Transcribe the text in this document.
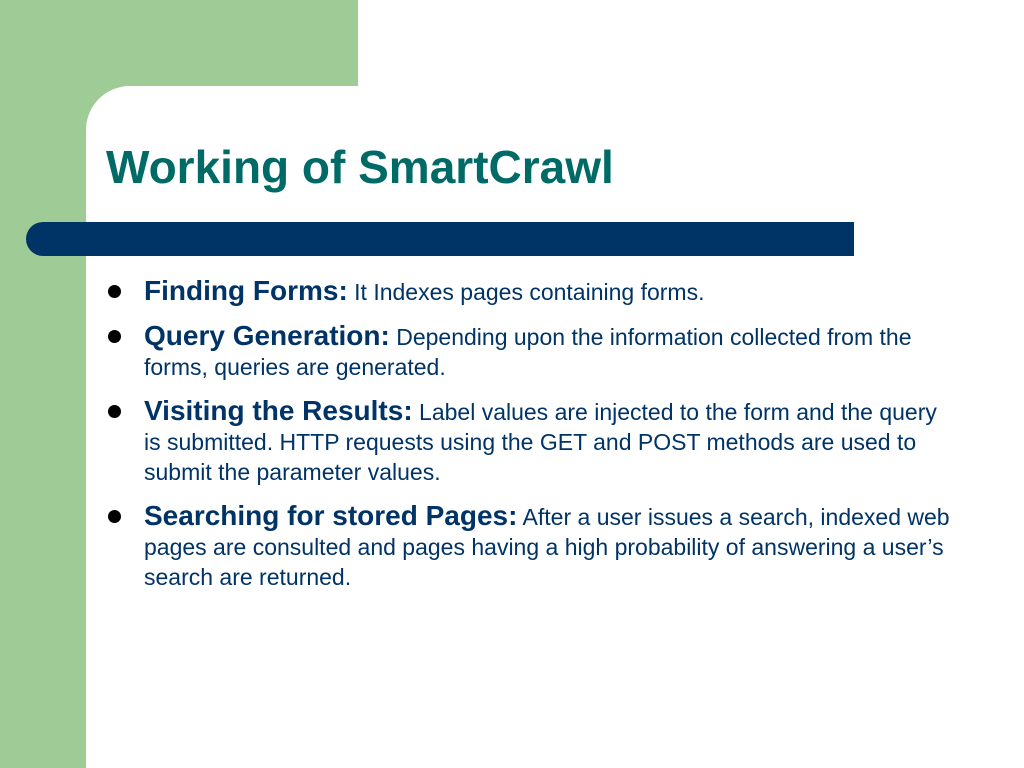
Working of SmartCrawl
Finding Forms: It Indexes pages containing forms.
Query Generation: Depending upon the information collected from the forms, queries are generated.
Visiting the Results: Label values are injected to the form and the query is submitted. HTTP requests using the GET and POST methods are used to submit the parameter values.
Searching for stored Pages: After a user issues a search, indexed web pages are consulted and pages having a high probability of answering a user’s search are returned.
